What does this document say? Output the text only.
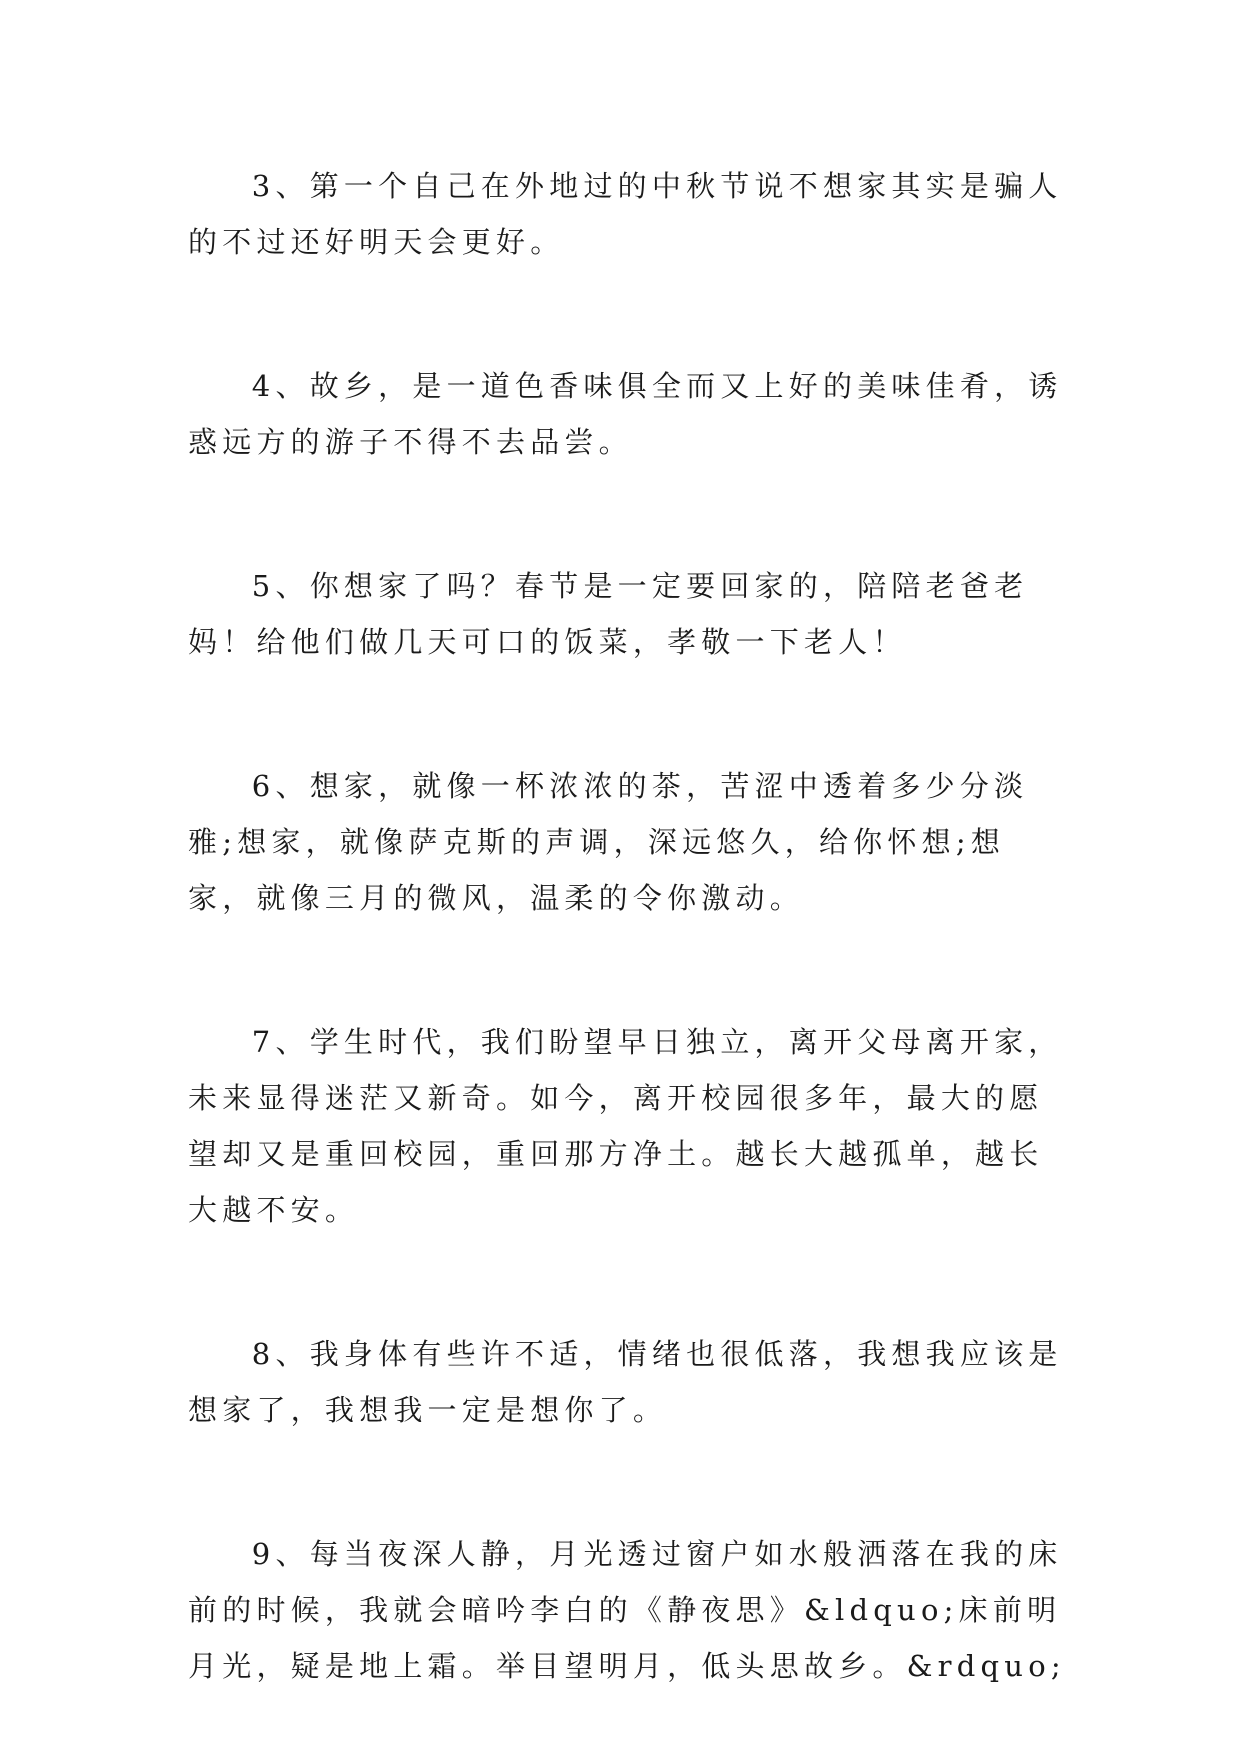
3、第一个自己在外地过的中秋节说不想家其实是骗人的不过还好明天会更好。

4、故乡，是一道色香味俱全而又上好的美味佳肴，诱惑远方的游子不得不去品尝。

5、你想家了吗？春节是一定要回家的，陪陪老爸老妈！给他们做几天可口的饭菜，孝敬一下老人！

6、想家，就像一杯浓浓的茶，苦涩中透着多少分淡雅;想家，就像萨克斯的声调，深远悠久，给你怀想;想家，就像三月的微风，温柔的令你激动。

7、学生时代，我们盼望早日独立，离开父母离开家，未来显得迷茫又新奇。如今，离开校园很多年，最大的愿望却又是重回校园，重回那方净土。越长大越孤单，越长大越不安。

8、我身体有些许不适，情绪也很低落，我想我应该是想家了，我想我一定是想你了。

9、每当夜深人静，月光透过窗户如水般洒落在我的床前的时候，我就会暗吟李白的《静夜思》&ldquo;床前明月光，疑是地上霜。举目望明月，低头思故乡。&rdquo;
